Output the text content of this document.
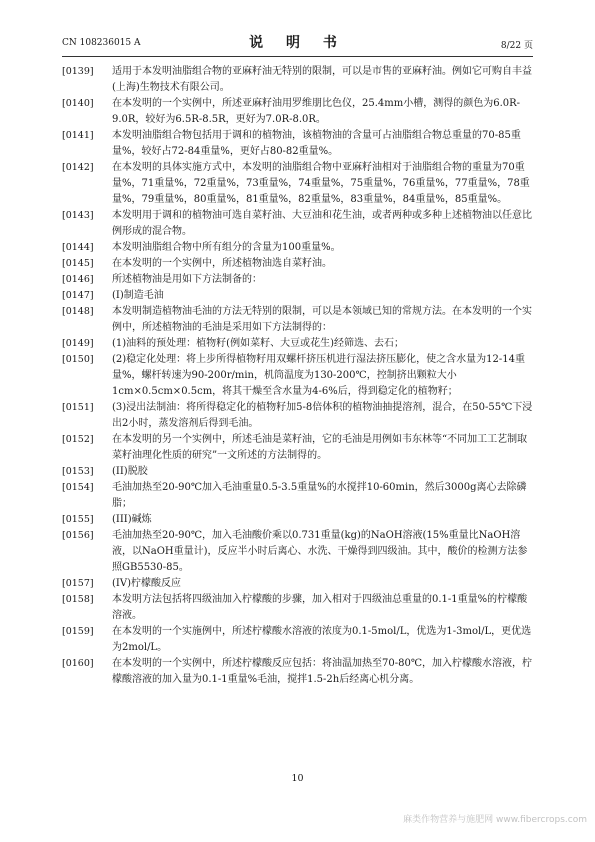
CN 108236015 A	说 明 书	8/22 页

[0139] 适用于本发明油脂组合物的亚麻籽油无特别的限制，可以是市售的亚麻籽油。例如它可购自丰益(上海)生物技术有限公司。

[0140] 在本发明的一个实例中，所述亚麻籽油用罗维朋比色仪，25.4mm小槽，测得的颜色为6.0R-9.0R，较好为6.5R-8.5R，更好为7.0R-8.0R。

[0141] 本发明油脂组合物包括用于调和的植物油，该植物油的含量可占油脂组合物总重量的70-85重量%，较好占72-84重量%，更好占80-82重量%。

[0142] 在本发明的具体实施方式中，本发明的油脂组合物中亚麻籽油相对于油脂组合物的重量为70重量%，71重量%，72重量%，73重量%，74重量%，75重量%，76重量%，77重量%，78重量%，79重量%，80重量%，81重量%，82重量%，83重量%，84重量%，85重量%。

[0143] 本发明用于调和的植物油可选自菜籽油、大豆油和花生油，或者两种或多种上述植物油以任意比例形成的混合物。

[0144] 本发明油脂组合物中所有组分的含量为100重量%。

[0145] 在本发明的一个实例中，所述植物油选自菜籽油。

[0146] 所述植物油是用如下方法制备的：

[0147] (I)制造毛油

[0148] 本发明制造植物油毛油的方法无特别的限制，可以是本领域已知的常规方法。在本发明的一个实例中，所述植物油的毛油是采用如下方法制得的：

[0149] (1)油料的预处理：植物籽(例如菜籽、大豆或花生)经筛选、去石；

[0150] (2)稳定化处理：将上步所得植物籽用双螺杆挤压机进行湿法挤压膨化，使之含水量为12-14重量%，螺杆转速为90-200r/min，机筒温度为130-200℃，控制挤出颗粒大小1cm×0.5cm×0.5cm，将其干燥至含水量为4-6%后，得到稳定化的植物籽；

[0151] (3)浸出法制油：将所得稳定化的植物籽加5-8倍体积的植物油抽提溶剂，混合，在50-55℃下浸出2小时，蒸发溶剂后得到毛油。

[0152] 在本发明的另一个实例中，所述毛油是菜籽油，它的毛油是用例如韦东林等“不同加工工艺制取菜籽油理化性质的研究”一文所述的方法制得的。

[0153] (II)脱胶

[0154] 毛油加热至20-90℃加入毛油重量0.5-3.5重量%的水搅拌10-60min，然后3000g离心去除磷脂；

[0155] (III)碱炼

[0156] 毛油加热至20-90℃，加入毛油酸价乘以0.731重量(kg)的NaOH溶液(15%重量比NaOH溶液，以NaOH重量计)，反应半小时后离心、水洗、干燥得到四级油。其中，酸价的检测方法参照GB5530-85。

[0157] (IV)柠檬酸反应

[0158] 本发明方法包括将四级油加入柠檬酸的步骤，加入相对于四级油总重量的0.1-1重量%的柠檬酸溶液。

[0159] 在本发明的一个实施例中，所述柠檬酸水溶液的浓度为0.1-5mol/L，优选为1-3mol/L，更优选为2mol/L。

[0160] 在本发明的一个实例中，所述柠檬酸反应包括：将油温加热至70-80℃，加入柠檬酸水溶液，柠檬酸溶液的加入量为0.1-1重量%毛油，搅拌1.5-2h后经离心机分离。

10
麻类作物营养与施肥网 www.fibercrops.com
